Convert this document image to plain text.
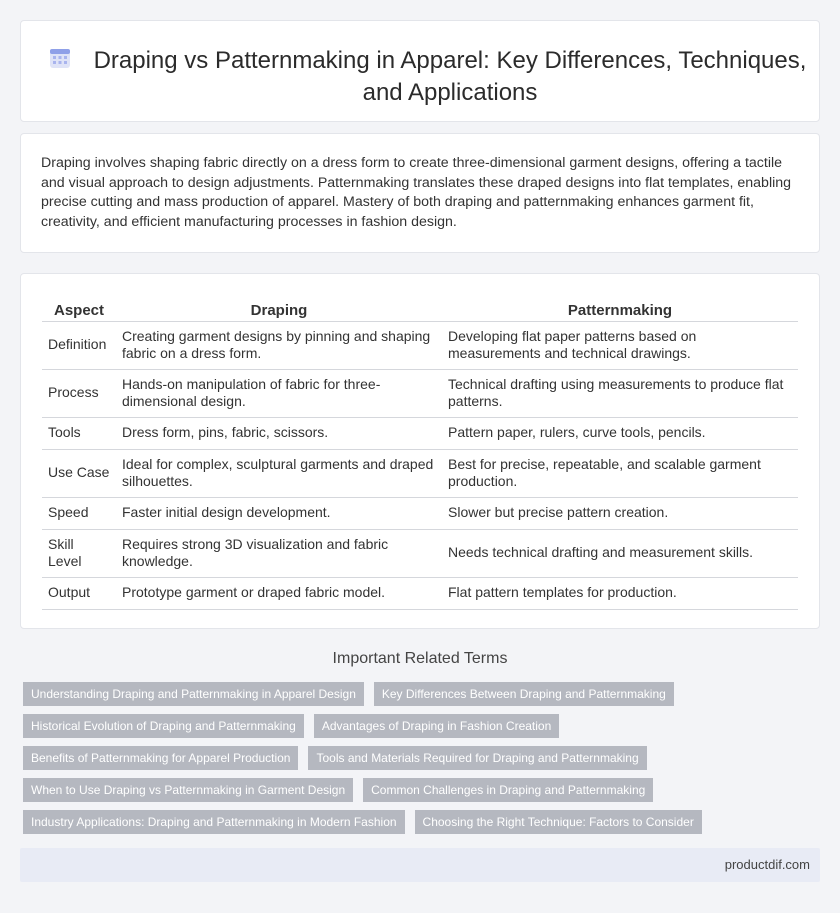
Draping vs Patternmaking in Apparel: Key Differences, Techniques, and Applications

Draping involves shaping fabric directly on a dress form to create three-dimensional garment designs, offering a tactile and visual approach to design adjustments. Patternmaking translates these draped designs into flat templates, enabling precise cutting and mass production of apparel. Mastery of both draping and patternmaking enhances garment fit, creativity, and efficient manufacturing processes in fashion design.

Aspect	Draping	Patternmaking
Definition	Creating garment designs by pinning and shaping fabric on a dress form.	Developing flat paper patterns based on measurements and technical drawings.
Process	Hands-on manipulation of fabric for three-dimensional design.	Technical drafting using measurements to produce flat patterns.
Tools	Dress form, pins, fabric, scissors.	Pattern paper, rulers, curve tools, pencils.
Use Case	Ideal for complex, sculptural garments and draped silhouettes.	Best for precise, repeatable, and scalable garment production.
Speed	Faster initial design development.	Slower but precise pattern creation.
Skill Level	Requires strong 3D visualization and fabric knowledge.	Needs technical drafting and measurement skills.
Output	Prototype garment or draped fabric model.	Flat pattern templates for production.
Important Related Terms
Understanding Draping and Patternmaking in Apparel Design	Key Differences Between Draping and Patternmaking
Historical Evolution of Draping and Patternmaking	Advantages of Draping in Fashion Creation
Benefits of Patternmaking for Apparel Production	Tools and Materials Required for Draping and Patternmaking
When to Use Draping vs Patternmaking in Garment Design	Common Challenges in Draping and Patternmaking
Industry Applications: Draping and Patternmaking in Modern Fashion	Choosing the Right Technique: Factors to Consider
productdif.com
